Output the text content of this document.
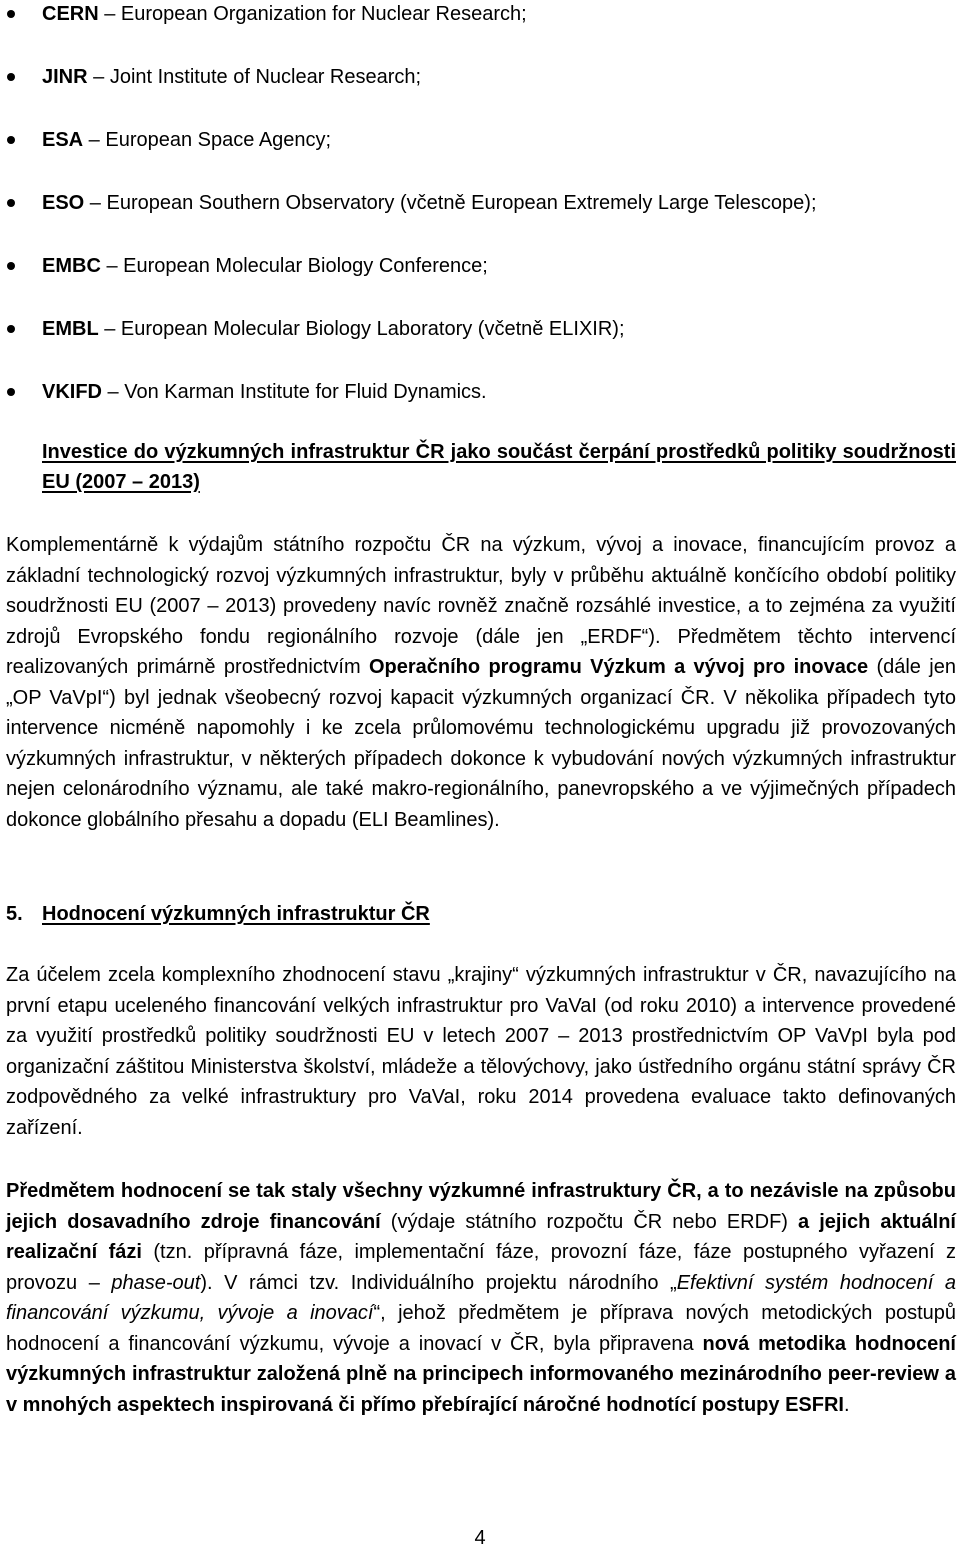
CERN – European Organization for Nuclear Research;
JINR – Joint Institute of Nuclear Research;
ESA – European Space Agency;
ESO – European Southern Observatory (včetně European Extremely Large Telescope);
EMBC – European Molecular Biology Conference;
EMBL – European Molecular Biology Laboratory (včetně ELIXIR);
VKIFD – Von Karman Institute for Fluid Dynamics.
Investice do výzkumných infrastruktur ČR jako součást čerpání prostředků politiky soudržnosti EU (2007 – 2013)

Komplementárně k výdajům státního rozpočtu ČR na výzkum, vývoj a inovace, financujícím provoz a základní technologický rozvoj výzkumných infrastruktur, byly v průběhu aktuálně končícího období politiky soudržnosti EU (2007 – 2013) provedeny navíc rovněž značně rozsáhlé investice, a to zejména za využití zdrojů Evropského fondu regionálního rozvoje (dále jen „ERDF“). Předmětem těchto intervencí realizovaných primárně prostřednictvím Operačního programu Výzkum a vývoj pro inovace (dále jen „OP VaVpI“) byl jednak všeobecný rozvoj kapacit výzkumných organizací ČR. V několika případech tyto intervence nicméně napomohly i ke zcela průlomovému technologickému upgradu již provozovaných výzkumných infrastruktur, v některých případech dokonce k vybudování nových výzkumných infrastruktur nejen celonárodního významu, ale také makro-regionálního, panevropského a ve výjimečných případech dokonce globálního přesahu a dopadu (ELI Beamlines).

5. Hodnocení výzkumných infrastruktur ČR

Za účelem zcela komplexního zhodnocení stavu „krajiny“ výzkumných infrastruktur v ČR, navazujícího na první etapu uceleného financování velkých infrastruktur pro VaVaI (od roku 2010) a intervence provedené za využití prostředků politiky soudržnosti EU v letech 2007 – 2013 prostřednictvím OP VaVpI byla pod organizační záštitou Ministerstva školství, mládeže a tělovýchovy, jako ústředního orgánu státní správy ČR zodpovědného za velké infrastruktury pro VaVaI, roku 2014 provedena evaluace takto definovaných zařízení.

Předmětem hodnocení se tak staly všechny výzkumné infrastruktury ČR, a to nezávisle na způsobu jejich dosavadního zdroje financování (výdaje státního rozpočtu ČR nebo ERDF) a jejich aktuální realizační fázi (tzn. přípravná fáze, implementační fáze, provozní fáze, fáze postupného vyřazení z provozu – phase-out). V rámci tzv. Individuálního projektu národního „Efektivní systém hodnocení a financování výzkumu, vývoje a inovací“, jehož předmětem je příprava nových metodických postupů hodnocení a financování výzkumu, vývoje a inovací v ČR, byla připravena nová metodika hodnocení výzkumných infrastruktur založená plně na principech informovaného mezinárodního peer-review a v mnohých aspektech inspirovaná či přímo přebírající náročné hodnotící postupy ESFRI.

4
